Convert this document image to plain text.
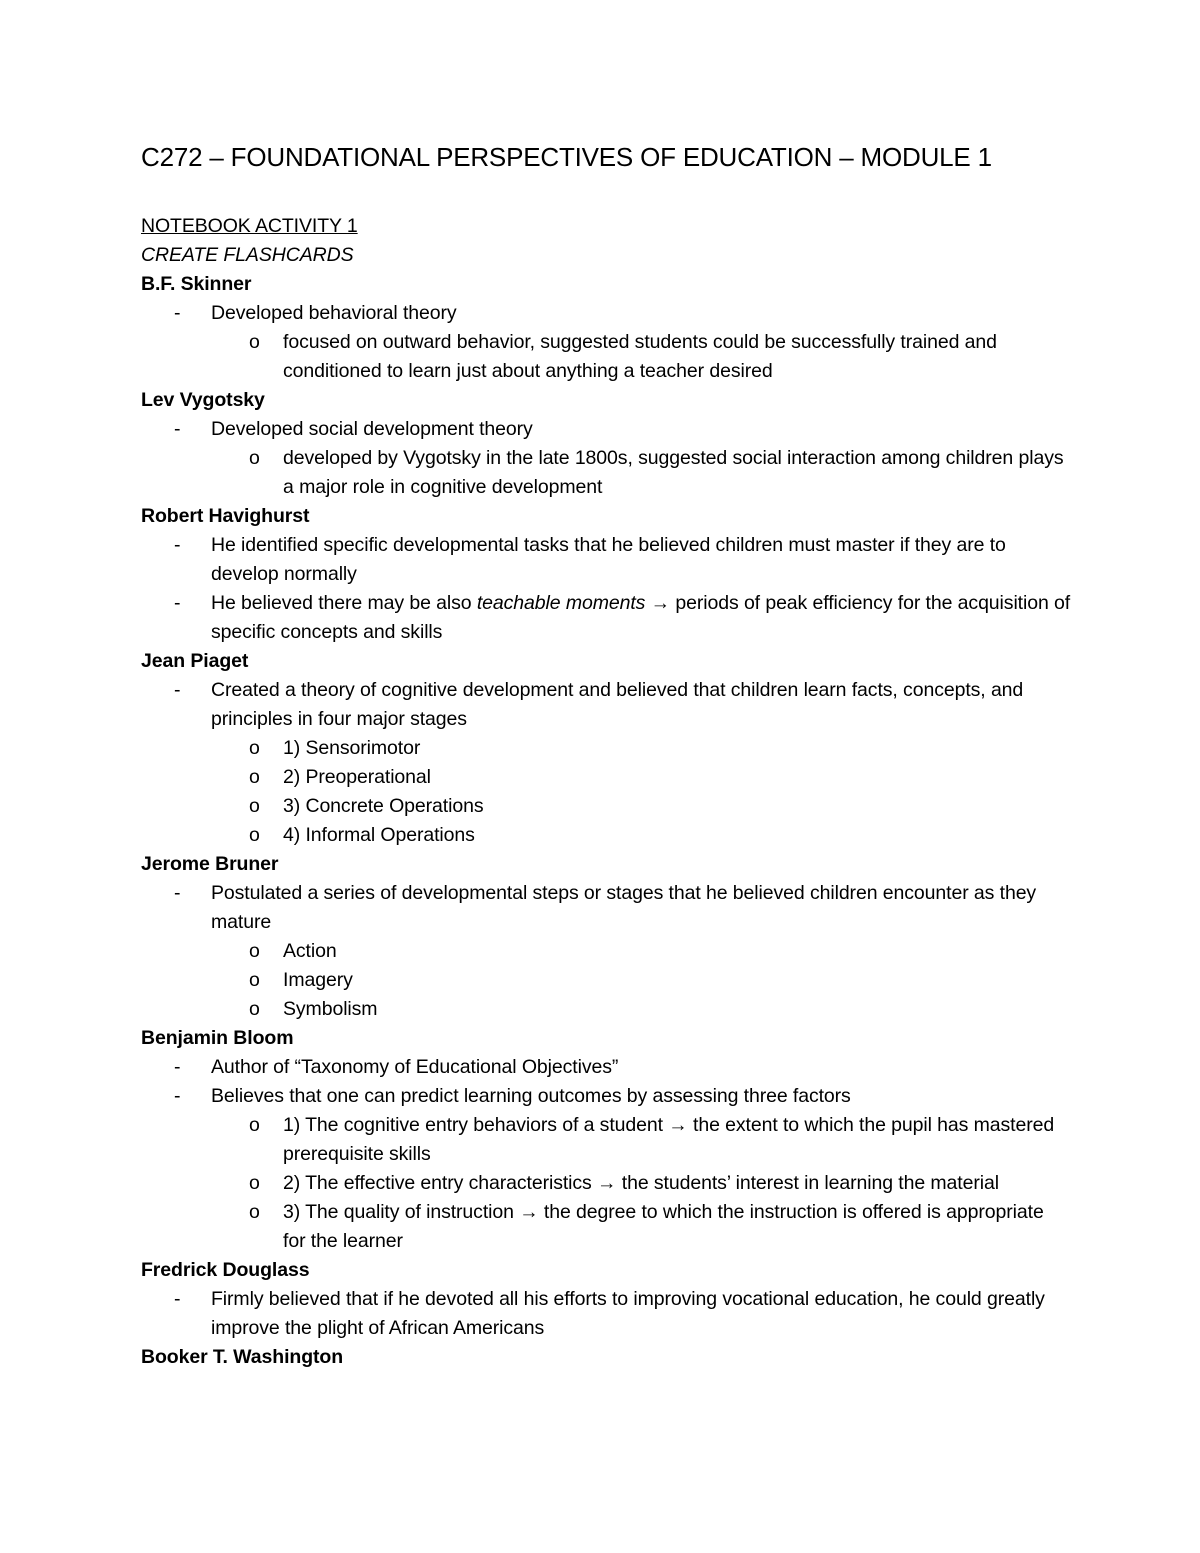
C272 – FOUNDATIONAL PERSPECTIVES OF EDUCATION – MODULE 1

NOTEBOOK ACTIVITY 1

CREATE FLASHCARDS

B.F. Skinner

-	Developed behavioral theory
o	focused on outward behavior, suggested students could be successfully trained and conditioned to learn just about anything a teacher desired

Lev Vygotsky

-	Developed social development theory
o	developed by Vygotsky in the late 1800s, suggested social interaction among children plays a major role in cognitive development

Robert Havighurst

-	He identified specific developmental tasks that he believed children must master if they are to develop normally
-	He believed there may be also teachable moments → periods of peak efficiency for the acquisition of specific concepts and skills

Jean Piaget

-	Created a theory of cognitive development and believed that children learn facts, concepts, and principles in four major stages
o	1) Sensorimotor
o	2) Preoperational
o	3) Concrete Operations
o	4) Informal Operations

Jerome Bruner

-	Postulated a series of developmental steps or stages that he believed children encounter as they mature
o	Action
o	Imagery
o	Symbolism

Benjamin Bloom

-	Author of “Taxonomy of Educational Objectives”
-	Believes that one can predict learning outcomes by assessing three factors
o	1) The cognitive entry behaviors of a student → the extent to which the pupil has mastered prerequisite skills
o	2) The effective entry characteristics → the students’ interest in learning the material
o	3) The quality of instruction → the degree to which the instruction is offered is appropriate for the learner

Fredrick Douglass

-	Firmly believed that if he devoted all his efforts to improving vocational education, he could greatly improve the plight of African Americans

Booker T. Washington
